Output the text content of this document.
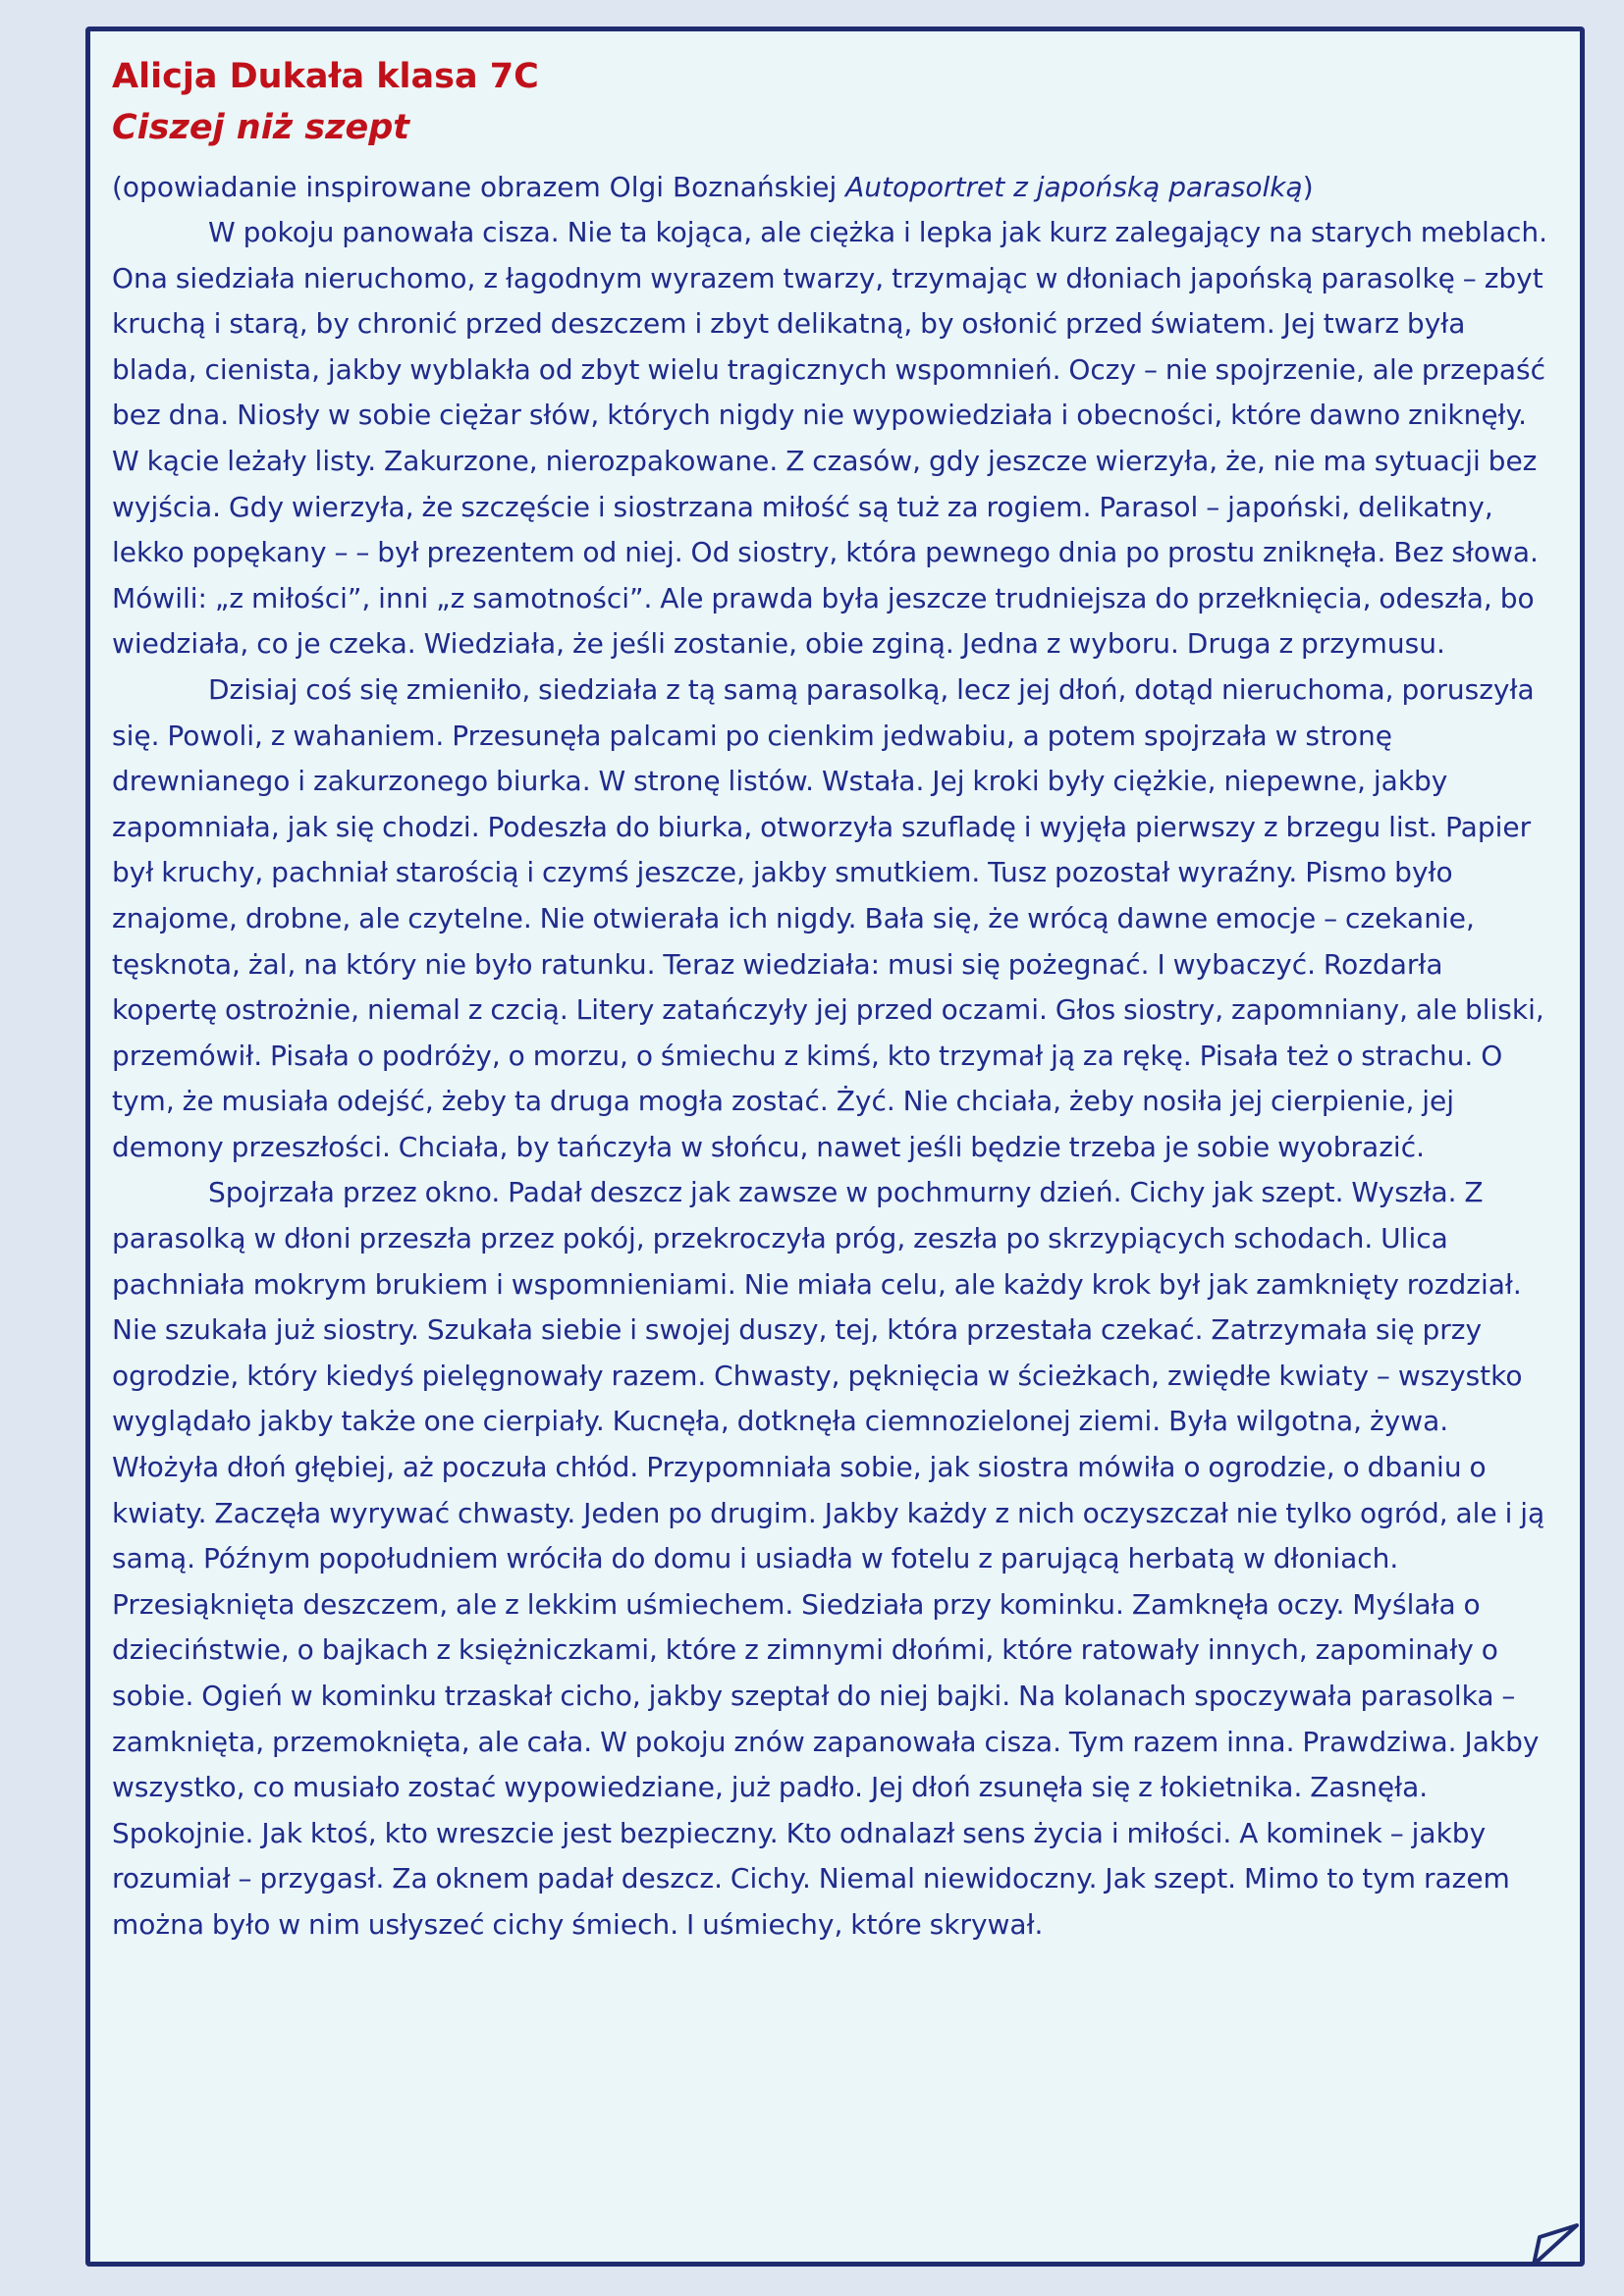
Alicja Dukała klasa 7C
Ciszej niż szept

(opowiadanie inspirowane obrazem Olgi Boznańskiej Autoportret z japońską parasolką)

W pokoju panowała cisza. Nie ta kojąca, ale ciężka i lepka jak kurz zalegający na starych meblach. Ona siedziała nieruchomo, z łagodnym wyrazem twarzy, trzymając w dłoniach japońską parasolkę – zbyt kruchą i starą, by chronić przed deszczem i zbyt delikatną, by osłonić przed światem. Jej twarz była blada, cienista, jakby wyblakła od zbyt wielu tragicznych wspomnień. Oczy – nie spojrzenie, ale przepaść bez dna. Niosły w sobie ciężar słów, których nigdy nie wypowiedziała i obecności, które dawno zniknęły. W kącie leżały listy. Zakurzone, nierozpakowane. Z czasów, gdy jeszcze wierzyła, że, nie ma sytuacji bez wyjścia. Gdy wierzyła, że szczęście i siostrzana miłość są tuż za rogiem. Parasol – japoński, delikatny, lekko popękany – – był prezentem od niej. Od siostry, która pewnego dnia po prostu zniknęła. Bez słowa. Mówili: „z miłości”, inni „z samotności”. Ale prawda była jeszcze trudniejsza do przełknięcia, odeszła, bo wiedziała, co je czeka. Wiedziała, że jeśli zostanie, obie zginą. Jedna z wyboru. Druga z przymusu.

Dzisiaj coś się zmieniło, siedziała z tą samą parasolką, lecz jej dłoń, dotąd nieruchoma, poruszyła się. Powoli, z wahaniem. Przesunęła palcami po cienkim jedwabiu, a potem spojrzała w stronę drewnianego i zakurzonego biurka. W stronę listów. Wstała. Jej kroki były ciężkie, niepewne, jakby zapomniała, jak się chodzi. Podeszła do biurka, otworzyła szufladę i wyjęła pierwszy z brzegu list. Papier był kruchy, pachniał starością i czymś jeszcze, jakby smutkiem. Tusz pozostał wyraźny. Pismo było znajome, drobne, ale czytelne. Nie otwierała ich nigdy. Bała się, że wrócą dawne emocje – czekanie, tęsknota, żal, na który nie było ratunku. Teraz wiedziała: musi się pożegnać. I wybaczyć. Rozdarła kopertę ostrożnie, niemal z czcią. Litery zatańczyły jej przed oczami. Głos siostry, zapomniany, ale bliski, przemówił. Pisała o podróży, o morzu, o śmiechu z kimś, kto trzymał ją za rękę. Pisała też o strachu. O tym, że musiała odejść, żeby ta druga mogła zostać. Żyć. Nie chciała, żeby nosiła jej cierpienie, jej demony przeszłości. Chciała, by tańczyła w słońcu, nawet jeśli będzie trzeba je sobie wyobrazić.

Spojrzała przez okno. Padał deszcz jak zawsze w pochmurny dzień. Cichy jak szept. Wyszła. Z parasolką w dłoni przeszła przez pokój, przekroczyła próg, zeszła po skrzypiących schodach. Ulica pachniała mokrym brukiem i wspomnieniami. Nie miała celu, ale każdy krok był jak zamknięty rozdział. Nie szukała już siostry. Szukała siebie i swojej duszy, tej, która przestała czekać. Zatrzymała się przy ogrodzie, który kiedyś pielęgnowały razem. Chwasty, pęknięcia w ścieżkach, zwiędłe kwiaty – wszystko wyglądało jakby także one cierpiały. Kucnęła, dotknęła ciemnozielonej ziemi. Była wilgotna, żywa. Włożyła dłoń głębiej, aż poczuła chłód. Przypomniała sobie, jak siostra mówiła o ogrodzie, o dbaniu o kwiaty. Zaczęła wyrywać chwasty. Jeden po drugim. Jakby każdy z nich oczyszczał nie tylko ogród, ale i ją samą. Późnym popołudniem wróciła do domu i usiadła w fotelu z parującą herbatą w dłoniach. Przesiąknięta deszczem, ale z lekkim uśmiechem. Siedziała przy kominku. Zamknęła oczy. Myślała o dzieciństwie, o bajkach z księżniczkami, które z zimnymi dłońmi, które ratowały innych, zapominały o sobie. Ogień w kominku trzaskał cicho, jakby szeptał do niej bajki. Na kolanach spoczywała parasolka – zamknięta, przemoknięta, ale cała. W pokoju znów zapanowała cisza. Tym razem inna. Prawdziwa. Jakby wszystko, co musiało zostać wypowiedziane, już padło. Jej dłoń zsunęła się z łokietnika. Zasnęła. Spokojnie. Jak ktoś, kto wreszcie jest bezpieczny. Kto odnalazł sens życia i miłości. A kominek – jakby rozumiał – przygasł. Za oknem padał deszcz. Cichy. Niemal niewidoczny. Jak szept. Mimo to tym razem można było w nim usłyszeć cichy śmiech. I uśmiechy, które skrywał.
